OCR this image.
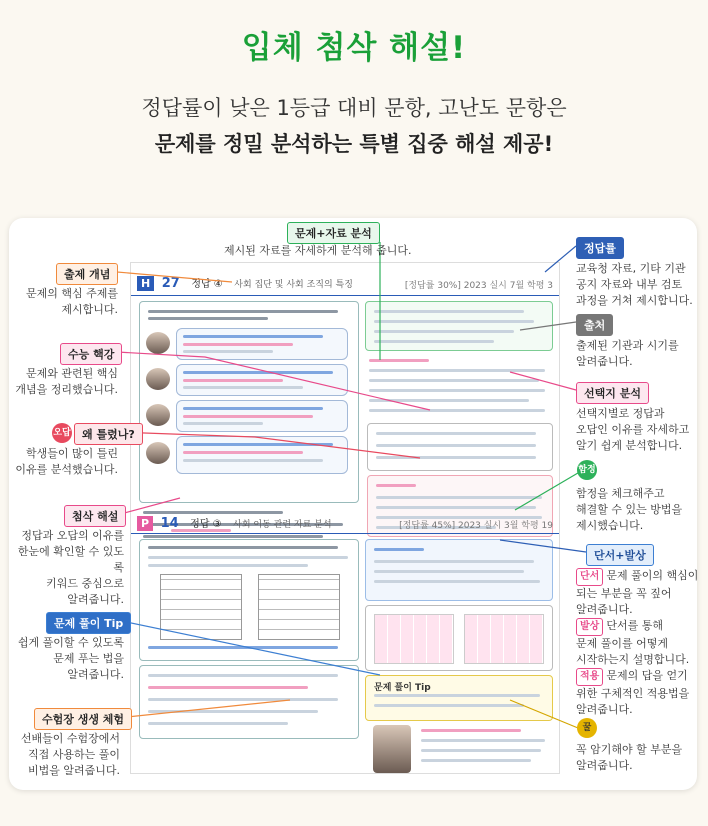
입체 첨삭 해설!
정답률이 낮은 1등급 대비 문항, 고난도 문항은
문제를 정밀 분석하는 특별 집중 해설 제공!
H 27 정답 ④ 사회 집단 및 사회 조직의 특징	[정답률 30%] 2023 실시 7월 학평 3
P 14 정답 ③ 사회 이동 관련 자료 분석	[정답률 45%] 2023 실시 3월 학평 19
문제 풀이 Tip
문제+자료 분석
제시된 자료를 자세하게 분석해 줍니다.
출제 개념
문제의 핵심 주제를
제시합니다.
수능 핵강
문제와 관련된 핵심
개념을 정리했습니다.
오답	왜 틀렸나?
학생들이 많이 틀린
이유를 분석했습니다.
첨삭 해설
정답과 오답의 이유를
한눈에 확인할 수 있도록
키워드 중심으로
알려줍니다.
문제 풀이 Tip
쉽게 풀이할 수 있도록
문제 푸는 법을
알려줍니다.
수험장 생생 체험
선배들이 수험장에서
직접 사용하는 풀이
비법을 알려줍니다.
정답률
교육청 자료, 기타 기관
공지 자료와 내부 검토
과정을 거쳐 제시합니다.
출처
출제된 기관과 시기를
알려줍니다.
선택지 분석
선택지별로 정답과
오답인 이유를 자세하고
알기 쉽게 분석합니다.
함정
함정을 체크해주고
해결할 수 있는 방법을
제시했습니다.
단서+발상
단서 문제 풀이의 핵심이
되는 부분을 꼭 짚어
알려줍니다.
발상 단서를 통해
문제 풀이를 어떻게
시작하는지 설명합니다.
적용 문제의 답을 얻기
위한 구체적인 적용법을
알려줍니다.
꿀
꼭 암기해야 할 부분을
알려줍니다.
